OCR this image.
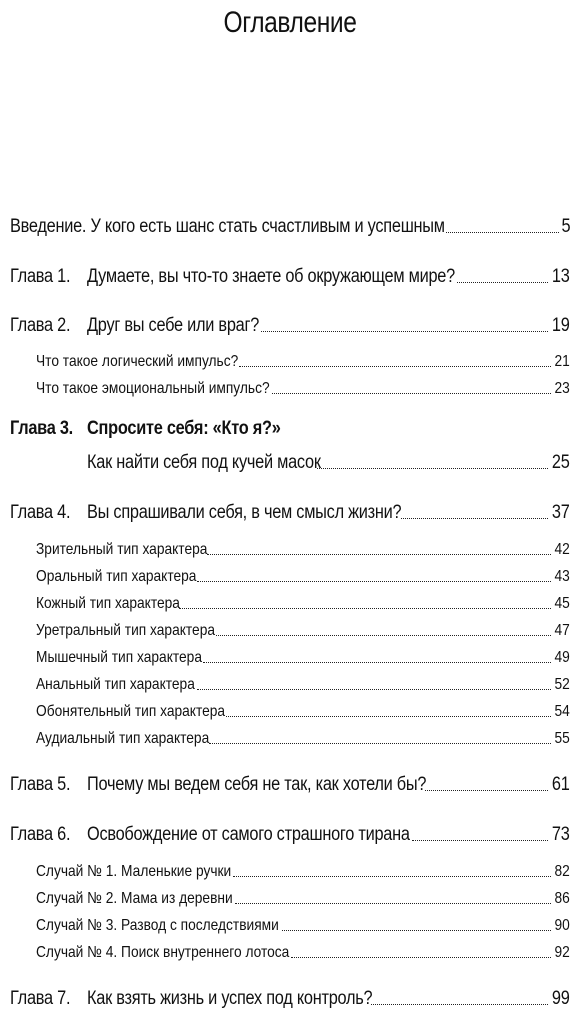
Оглавление
Введение. У кого есть шанс стать счастливым и успешным	5
Глава 1. Думаете, вы что-то знаете об окружающем мире?	13
Глава 2. Друг вы себе или враг?	19
Что такое логический импульс?	21
Что такое эмоциональный импульс?	23
Глава 3. Спросите себя: «Кто я?»
Как найти себя под кучей масок	25
Глава 4. Вы спрашивали себя, в чем смысл жизни?	37
Зрительный тип характера	42
Оральный тип характера	43
Кожный тип характера	45
Уретральный тип характера	47
Мышечный тип характера	49
Анальный тип характера	52
Обонятельный тип характера	54
Аудиальный тип характера	55
Глава 5. Почему мы ведем себя не так, как хотели бы?	61
Глава 6. Освобождение от самого страшного тирана	73
Случай № 1. Маленькие ручки	82
Случай № 2. Мама из деревни	86
Случай № 3. Развод с последствиями	90
Случай № 4. Поиск внутреннего лотоса	92
Глава 7. Как взять жизнь и успех под контроль?	99
